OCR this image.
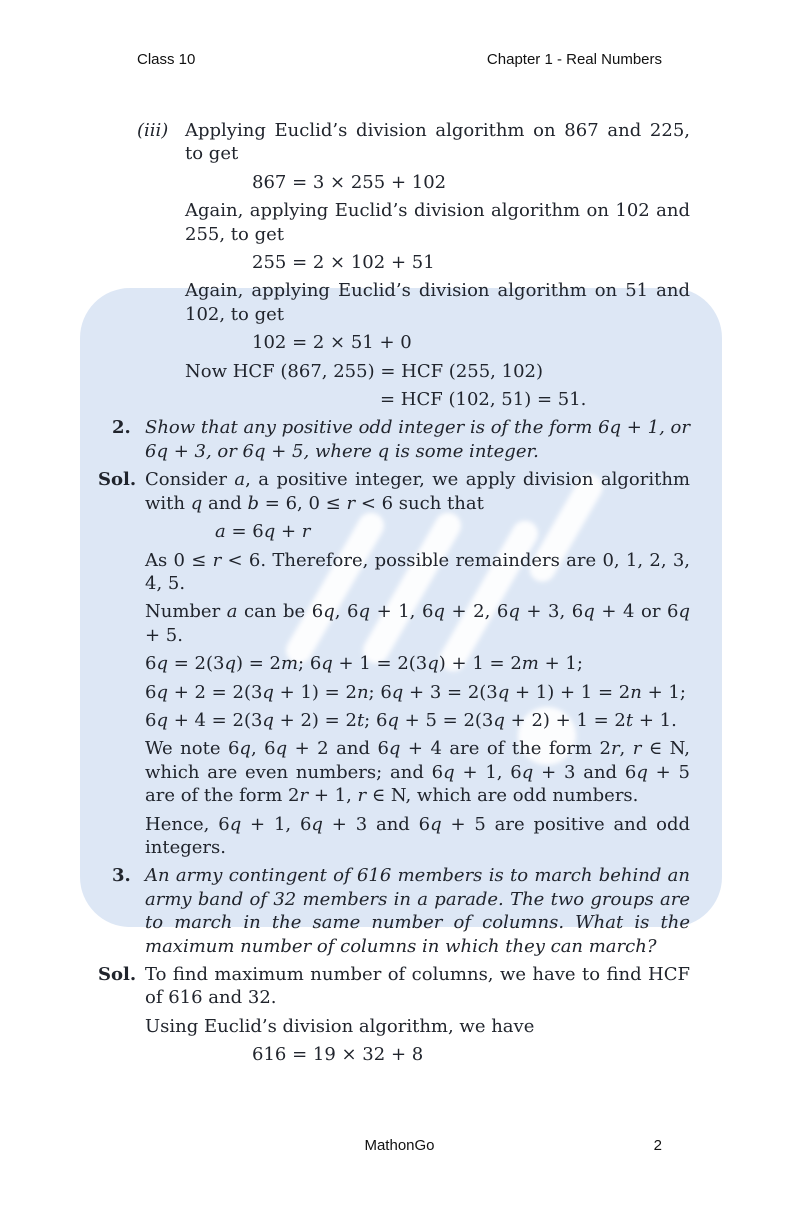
Class 10	Chapter 1 - Real Numbers
(iii) Applying Euclid’s division algorithm on 867 and 225, to get

867 = 3 × 255 + 102

Again, applying Euclid’s division algorithm on 102 and 255, to get

255 = 2 × 102 + 51

Again, applying Euclid’s division algorithm on 51 and 102, to get

102 = 2 × 51 + 0

Now HCF (867, 255) = HCF (255, 102)

= HCF (102, 51) = 51.

2. Show that any positive odd integer is of the form 6q + 1, or 6q + 3, or 6q + 5, where q is some integer.

Sol. Consider a, a positive integer, we apply division algorithm with q and b = 6, 0 ≤ r < 6 such that

a = 6q + r

As 0 ≤ r < 6. Therefore, possible remainders are 0, 1, 2, 3, 4, 5.

Number a can be 6q, 6q + 1, 6q + 2, 6q + 3, 6q + 4 or 6q + 5.

6q = 2(3q) = 2m; 6q + 1 = 2(3q) + 1 = 2m + 1;

6q + 2 = 2(3q + 1) = 2n; 6q + 3 = 2(3q + 1) + 1 = 2n + 1;

6q + 4 = 2(3q + 2) = 2t; 6q + 5 = 2(3q + 2) + 1 = 2t + 1.

We note 6q, 6q + 2 and 6q + 4 are of the form 2r, r ∈ N, which are even numbers; and 6q + 1, 6q + 3 and 6q + 5 are of the form 2r + 1, r ∈ N, which are odd numbers.

Hence, 6q + 1, 6q + 3 and 6q + 5 are positive and odd integers.

3. An army contingent of 616 members is to march behind an army band of 32 members in a parade. The two groups are to march in the same number of columns. What is the maximum number of columns in which they can march?

Sol. To find maximum number of columns, we have to find HCF of 616 and 32.

Using Euclid’s division algorithm, we have

616 = 19 × 32 + 8

MathonGo	2
